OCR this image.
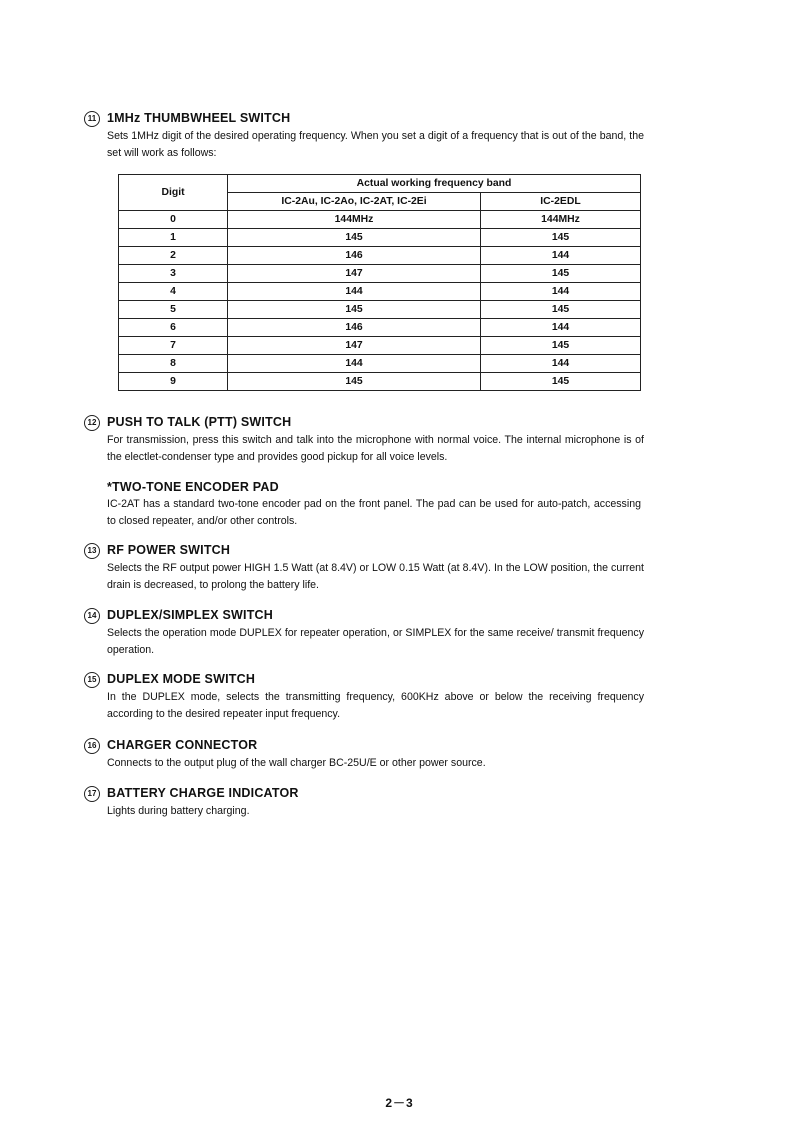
11 1MHz THUMBWHEEL SWITCH
Sets 1MHz digit of the desired operating frequency. When you set a digit of a frequency that is out of the band, the set will work as follows:
Digit	Actual working frequency band	
	IC-2Au, IC-2Ao, IC-2AT, IC-2Ei	IC-2EDL
0	144MHz	144MHz
1	145	145
2	146	144
3	147	145
4	144	144
5	145	145
6	146	144
7	147	145
8	144	144
9	145	145
12 PUSH TO TALK (PTT) SWITCH
For transmission, press this switch and talk into the microphone with normal voice. The internal microphone is of the electlet-condenser type and provides good pickup for all voice levels.
*TWO-TONE ENCODER PAD
IC-2AT has a standard two-tone encoder pad on the front panel. The pad can be used for auto-patch, accessing to closed repeater, and/or other controls.
13 RF POWER SWITCH
Selects the RF output power HIGH 1.5 Watt (at 8.4V) or LOW 0.15 Watt (at 8.4V). In the LOW position, the current drain is decreased, to prolong the battery life.
14 DUPLEX/SIMPLEX SWITCH
Selects the operation mode DUPLEX for repeater operation, or SIMPLEX for the same receive/ transmit frequency operation.
15 DUPLEX MODE SWITCH
In the DUPLEX mode, selects the transmitting frequency, 600KHz above or below the receiving frequency according to the desired repeater input frequency.
16 CHARGER CONNECTOR
Connects to the output plug of the wall charger BC-25U/E or other power source.
17 BATTERY CHARGE INDICATOR
Lights during battery charging.
2－3
